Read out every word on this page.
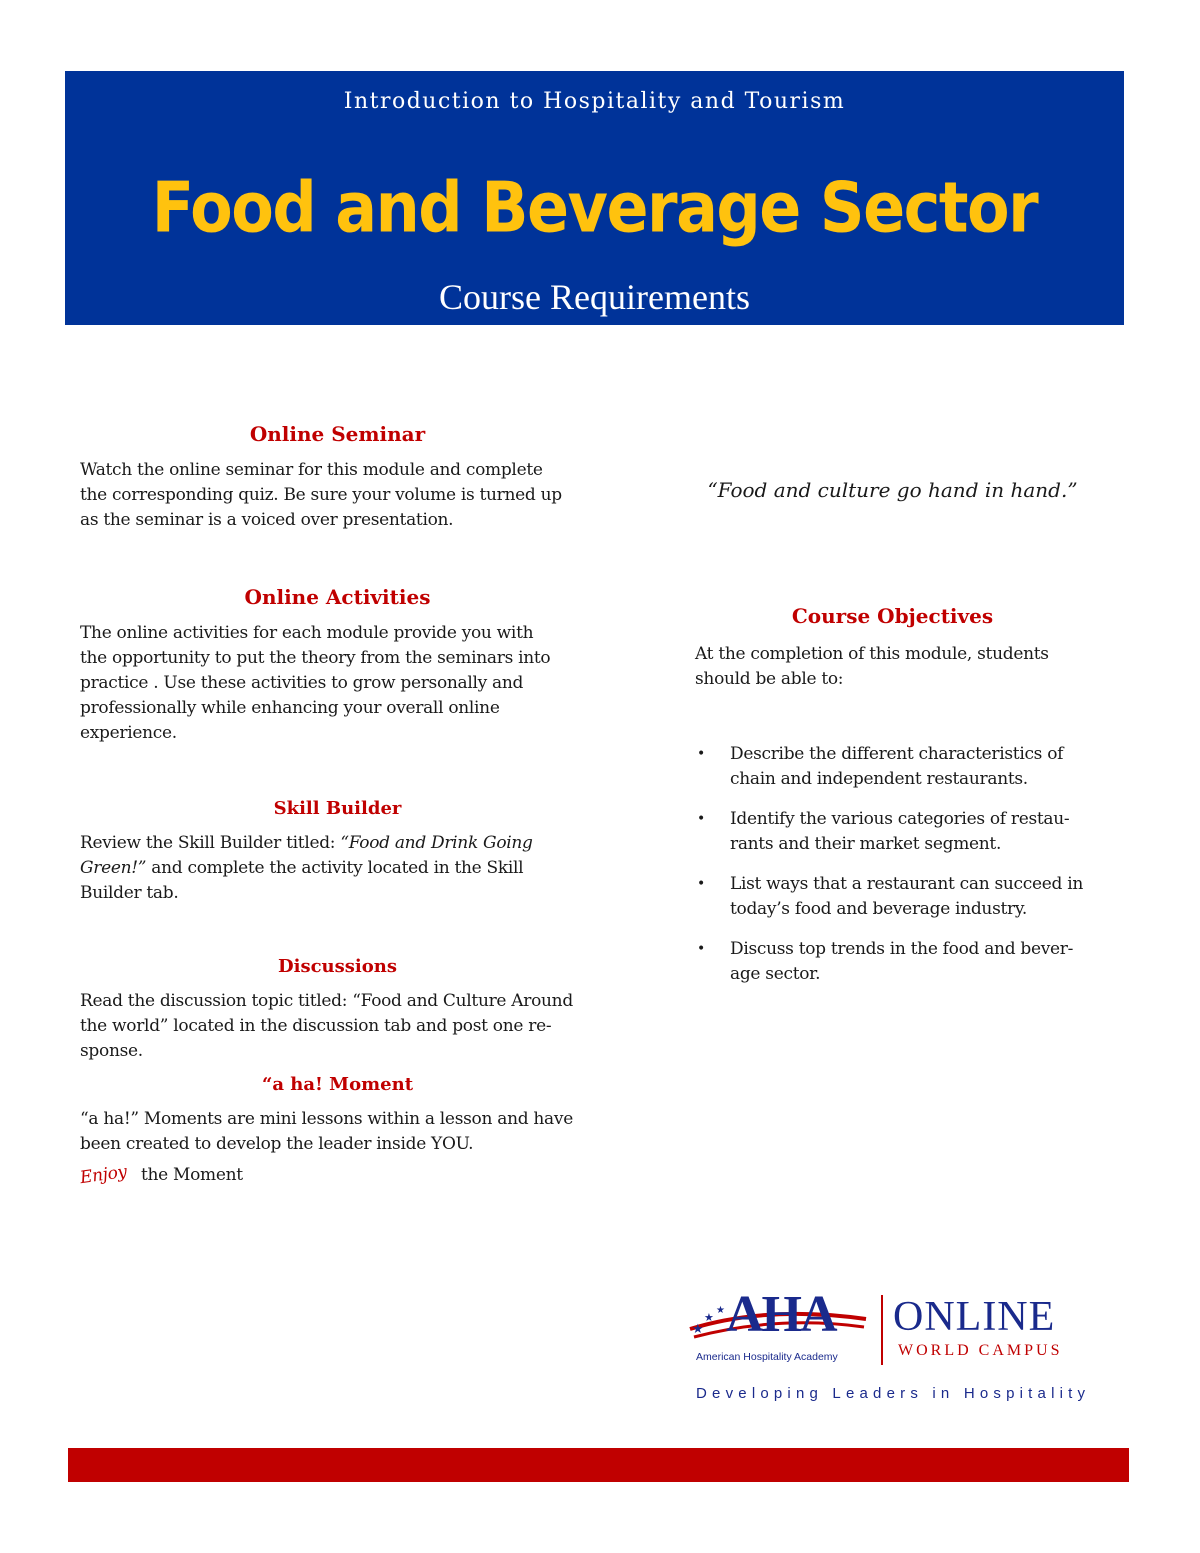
Introduction to Hospitality and Tourism
Food and Beverage Sector
Course Requirements
Online Seminar

Watch the online seminar for this module and complete
the corresponding quiz. Be sure your volume is turned up
as the seminar is a voiced over presentation.

Online Activities

The online activities for each module provide you with
the opportunity to put the theory from the seminars into
practice . Use these activities to grow personally and
professionally while enhancing your overall online
experience.

Skill Builder

Review the Skill Builder titled: “Food and Drink Going
Green!” and complete the activity located in the Skill
Builder tab.

Discussions

Read the discussion topic titled: “Food and Culture Around
the world” located in the discussion tab and post one re-
sponse.

“a ha! Moment

“a ha!” Moments are mini lessons within a lesson and have
been created to develop the leader inside YOU.

Enjoy the Moment

“Food and culture go hand in hand.”

Course Objectives

At the completion of this module, students
should be able to:

• Describe the different characteristics of
chain and independent restaurants.
• Identify the various categories of restau-
rants and their market segment.
• List ways that a restaurant can succeed in
today’s food and beverage industry.
• Discuss top trends in the food and bever-
age sector.
★
★
★ AHA
American Hospitality Academy
ONLINE
WORLD CAMPUS
Developing Leaders in Hospitality
